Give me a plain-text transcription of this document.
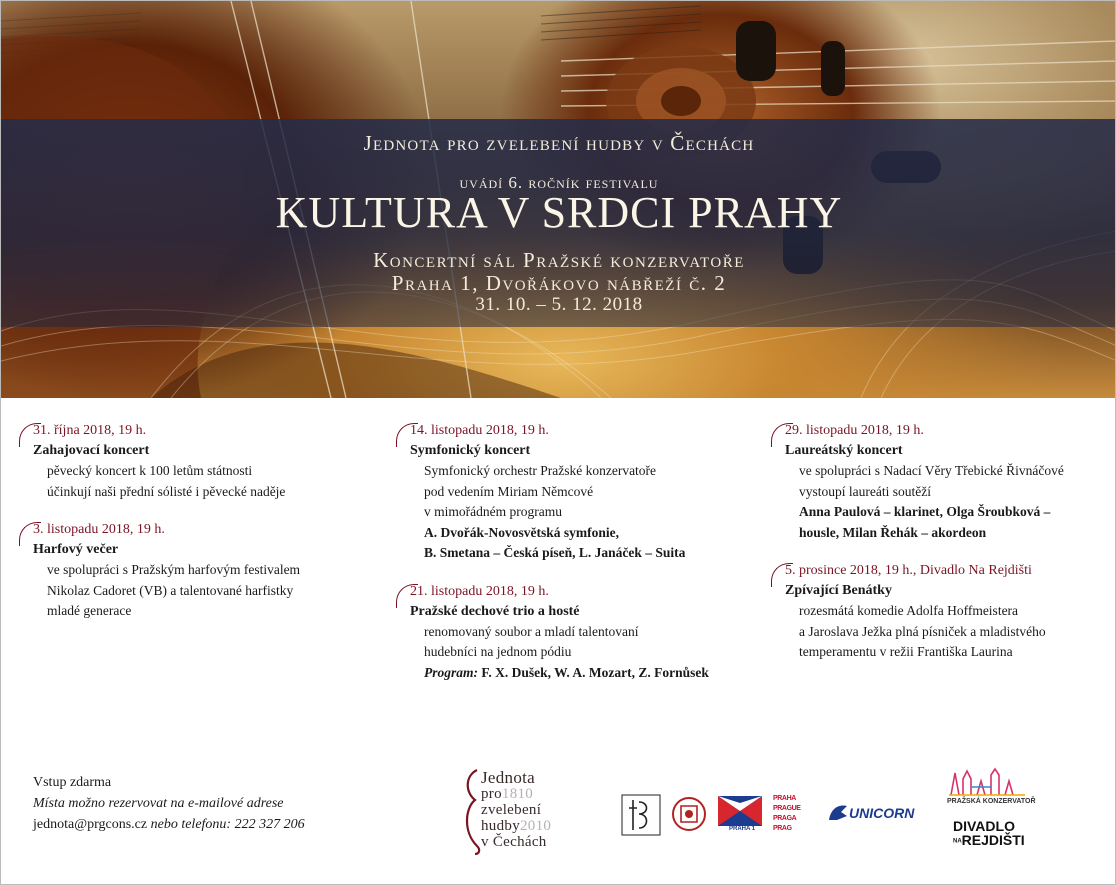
Jednota pro zvelebení hudby v Čechách
uvádí 6. ročník festivalu
KULTURA V SRDCI PRAHY
Koncertní sál Pražské konzervatoře
Praha 1, Dvořákovo nábřeží č. 2
31. 10. – 5. 12. 2018
31. října 2018, 19 h.
Zahajovací koncert
pěvecký koncert k 100 letům státnosti
účinkují naši přední sólisté i pěvecké naděje
3. listopadu 2018, 19 h.
Harfový večer
ve spolupráci s Pražským harfovým festivalem
Nikolaz Cadoret (VB) a talentované harfistky
mladé generace
14. listopadu 2018, 19 h.
Symfonický koncert
Symfonický orchestr Pražské konzervatoře
pod vedením Miriam Němcové
v mimořádném programu
A. Dvořák-Novosvětská symfonie,
B. Smetana – Česká píseň, L. Janáček – Suita
21. listopadu 2018, 19 h.
Pražské dechové trio a hosté
renomovaný soubor a mladí talentovaní
hudebníci na jednom pódiu
Program: F. X. Dušek, W. A. Mozart, Z. Fornůsek
29. listopadu 2018, 19 h.
Laureátský koncert
ve spolupráci s Nadací Věry Třebické Řivnáčové
vystoupí laureáti soutěží
Anna Paulová – klarinet, Olga Šroubková –
housle, Milan Řehák – akordeon
5. prosince 2018, 19 h., Divadlo Na Rejdišti
Zpívající Benátky
rozesmátá komedie Adolfa Hoffmeistera
a Jaroslava Ježka plná písniček a mladistvého
temperamentu v režii Františka Laurina
Vstup zdarma
Místa možno rezervovat na e-mailové adrese
jednota@prgcons.cz nebo telefonu: 222 327 206
Jednota
pro1810
zvelebení
hudby2010
v Čechách
PRAHA 1
PRAHA
PRAGUE
PRAGA
PRAG
UNICORN
PRAŽSKÁ KONZERVATOŘ
DIVADLO
NAREJDIŠTI
